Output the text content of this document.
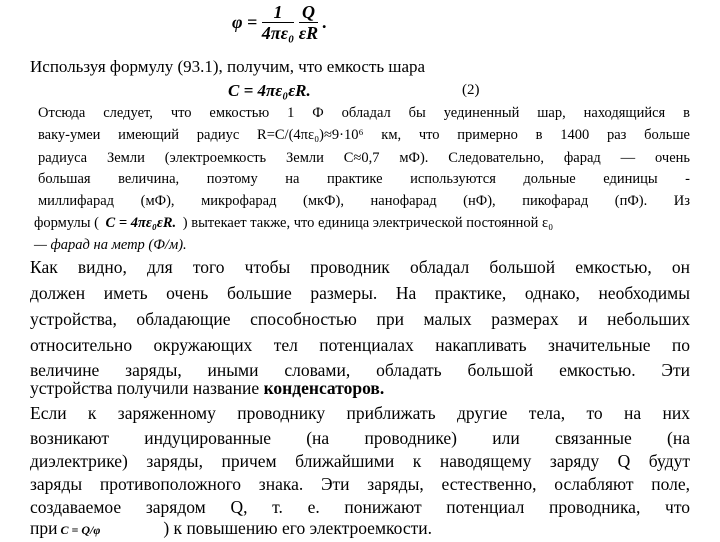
$\varphi = \frac{1}{\text{4πε₀}}$
$\frac{Q}{\varepsilon R}$ .
Используя формулу (93.1), получим, что емкость шара
C = 4πε₀εR.	(2)
Отсюда следует, что емкостью 1 Ф обладал бы уединенный шар, находящийся в
ваку-умеи имеющий радиус R=C/(4πε₀)≈9·10⁶ км, что примерно в 1400 раз больше
радиуса Земли (электроемкость Земли C≈0,7 мФ). Следовательно, фарад — очень
большая величина, поэтому на практике используются дольные единицы -
миллифарад (мФ), микрофарад (мкФ), нанофарад (нФ), пикофарад (пФ). Из
формулы ( C = 4πε₀εR. ) вытекает также, что единица электрической постоянной ε₀
— фарад на метр (Ф/м).
Как видно, для того чтобы проводник обладал большой емкостью, он
должен иметь очень большие размеры. На практике, однако, необходимы
устройства, обладающие способностью при малых размерах и небольших
относительно окружающих тел потенциалах накапливать значительные по
величине заряды, иными словами, обладать большой емкостью. Эти
устройства получили название конденсаторов.
Если к заряженному проводнику приближать другие тела, то на них
возникают индуцированные (на проводнике) или связанные (на
диэлектрике) заряды, причем ближайшими к наводящему заряду Q будут
заряды противоположного знака. Эти заряды, естественно, ослабляют поле,
создаваемое зарядом Q, т. е. понижают потенциал проводника, что
при C = Q/φ	) к повышению его электроемкости.
